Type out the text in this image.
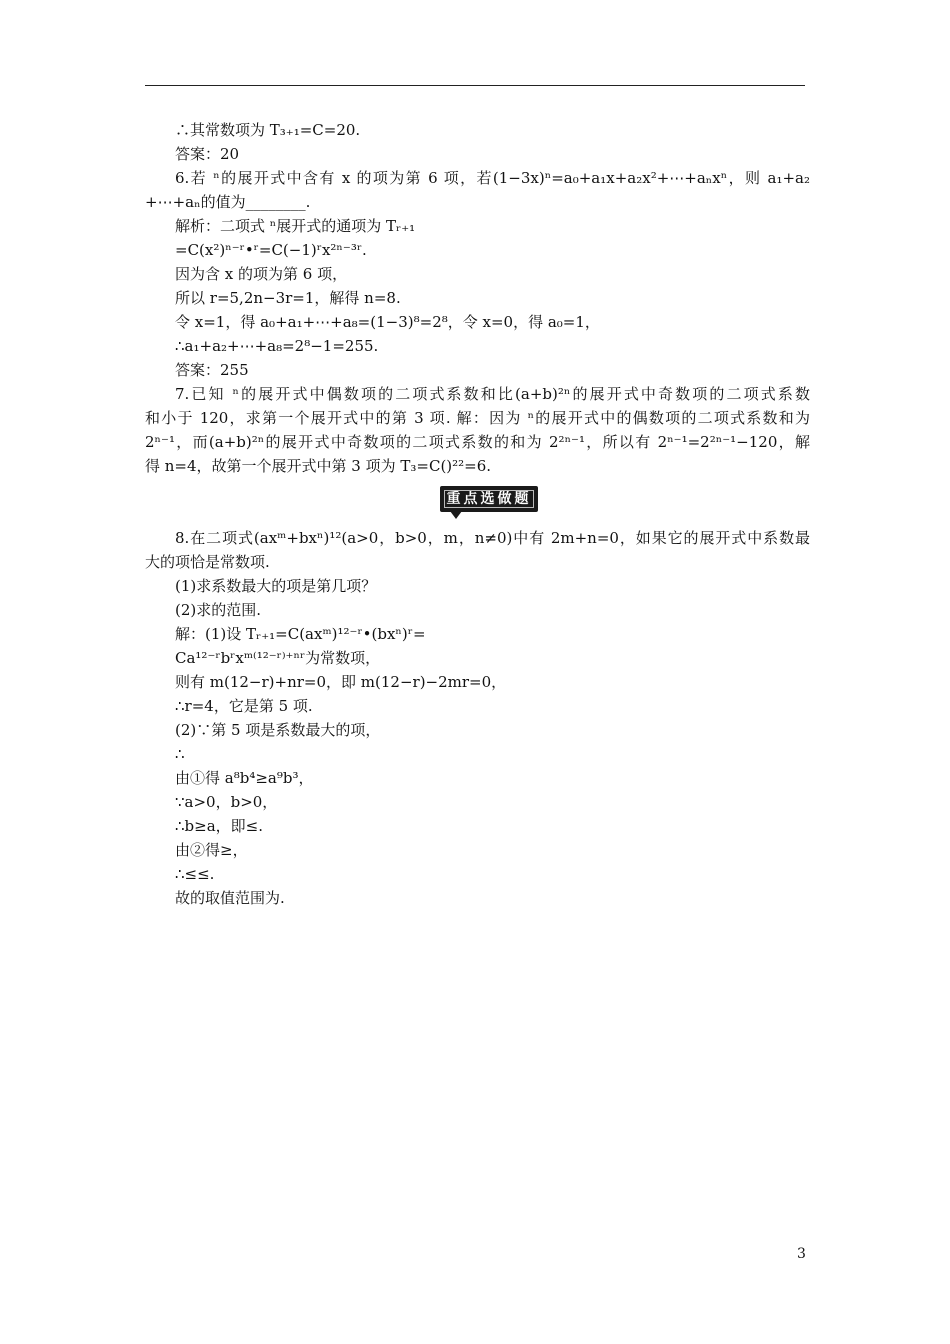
∴其常数项为 T₃₊₁=C=20.
答案：20
6.若 ⁿ的展开式中含有 x 的项为第 6 项，若(1−3x)ⁿ=a₀+a₁x+a₂x²+⋯+aₙxⁿ，则 a₁+a₂
+⋯+aₙ的值为________.
解析：二项式 ⁿ展开式的通项为 Tᵣ₊₁
=C(x²)ⁿ⁻ʳ•ʳ=C(−1)ʳx²ⁿ⁻³ʳ.
因为含 x 的项为第 6 项，
所以 r=5,2n−3r=1，解得 n=8.
令 x=1，得 a₀+a₁+⋯+a₈=(1−3)⁸=2⁸，令 x=0，得 a₀=1，
∴a₁+a₂+⋯+a₈=2⁸−1=255.
答案：255
7.已知 ⁿ的展开式中偶数项的二项式系数和比(a+b)²ⁿ的展开式中奇数项的二项式系数
和小于 120，求第一个展开式中的第 3 项. 解：因为 ⁿ的展开式中的偶数项的二项式系数和为
2ⁿ⁻¹，而(a+b)²ⁿ的展开式中奇数项的二项式系数的和为 2²ⁿ⁻¹，所以有 2ⁿ⁻¹=2²ⁿ⁻¹−120，解
得 n=4，故第一个展开式中第 3 项为 T₃=C()²²=6.
重点选做题
8.在二项式(axᵐ+bxⁿ)¹²(a>0，b>0，m，n≠0)中有 2m+n=0，如果它的展开式中系数最
大的项恰是常数项.
(1)求系数最大的项是第几项？
(2)求的范围.
解：(1)设 Tᵣ₊₁=C(axᵐ)¹²⁻ʳ•(bxⁿ)ʳ=
Ca¹²⁻ʳbʳxᵐ⁽¹²⁻ʳ⁾⁺ⁿʳ为常数项，
则有 m(12−r)+nr=0，即 m(12−r)−2mr=0，
∴r=4，它是第 5 项.
(2)∵第 5 项是系数最大的项，
∴
由①得 a⁸b⁴≥a⁹b³，
∵a>0，b>0，
∴b≥a，即≤.
由②得≥，
∴≤≤.
故的取值范围为.
3
